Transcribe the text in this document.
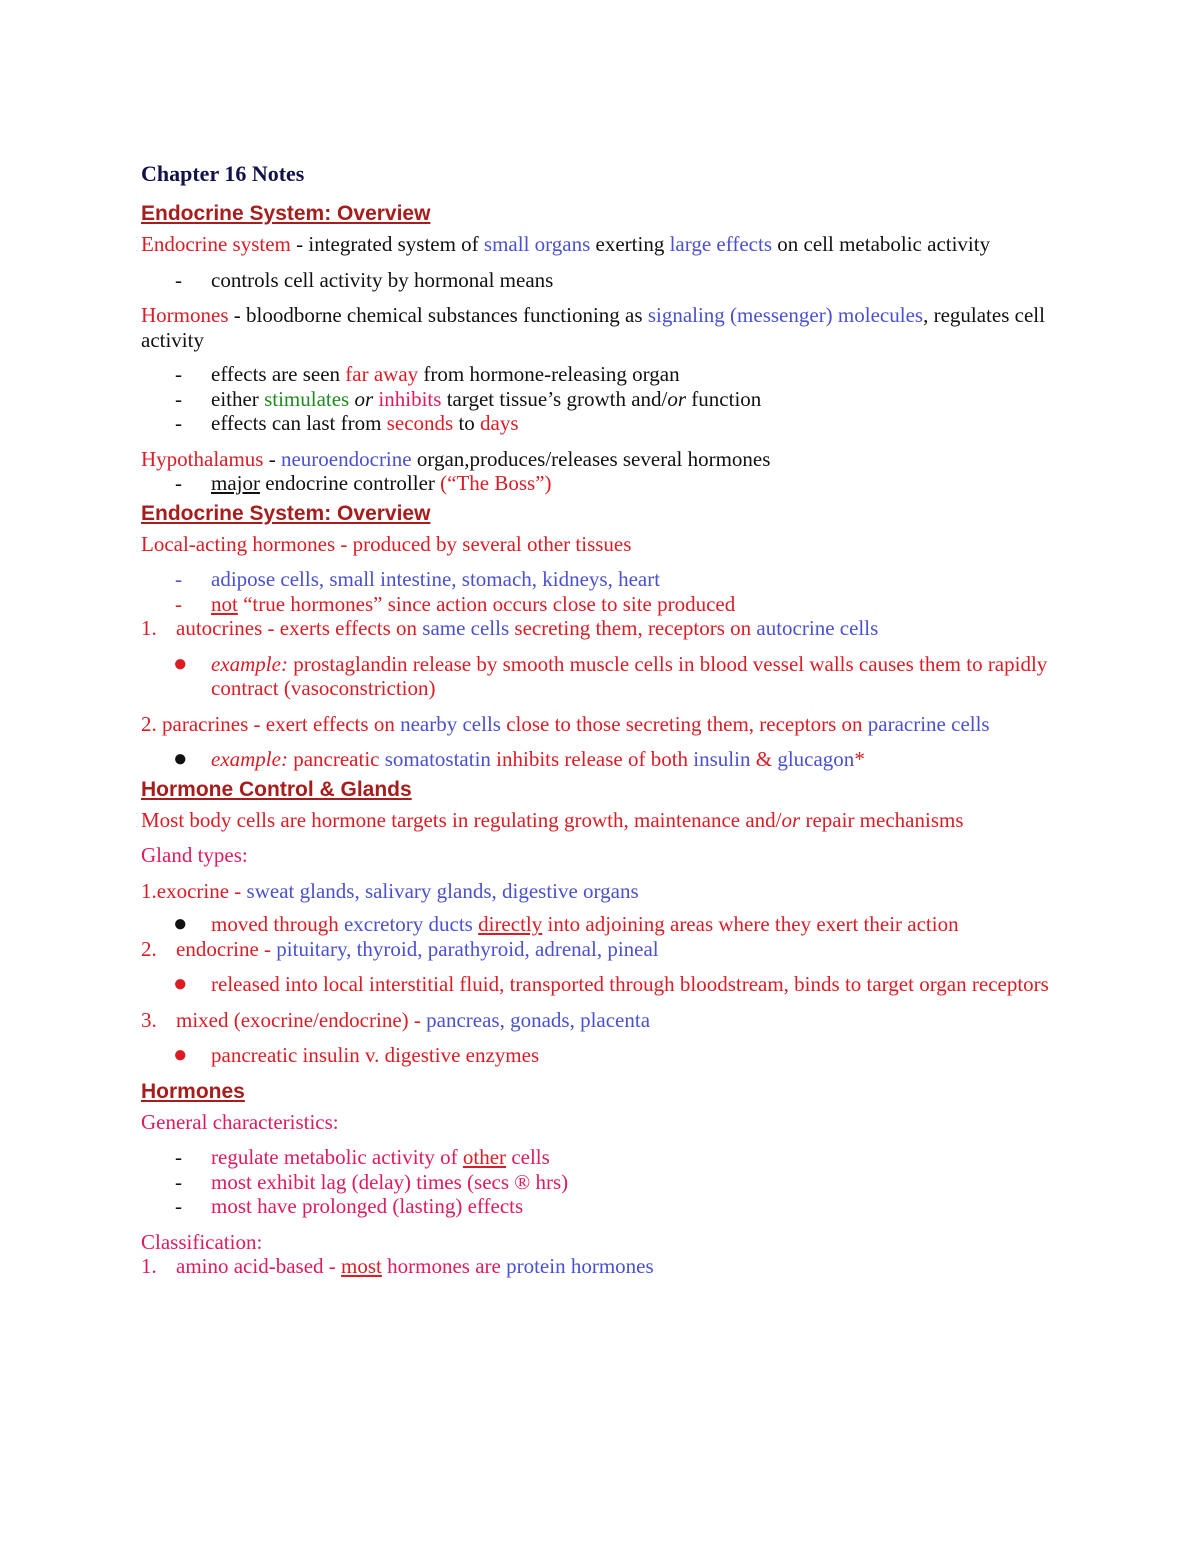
Chapter 16 Notes
Endocrine System: Overview
Endocrine system - integrated system of small organs exerting large effects on cell metabolic activity
- controls cell activity by hormonal means
Hormones - bloodborne chemical substances functioning as signaling (messenger) molecules, regulates cell activity
- effects are seen far away from hormone-releasing organ
- either stimulates or inhibits target tissue’s growth and/or function
- effects can last from seconds to days
Hypothalamus - neuroendocrine organ,produces/releases several hormones
- major endocrine controller (“The Boss”)
Endocrine System: Overview
Local-acting hormones - produced by several other tissues
- adipose cells, small intestine, stomach, kidneys, heart
- not “true hormones” since action occurs close to site produced
1. autocrines - exerts effects on same cells secreting them, receptors on autocrine cells
● example: prostaglandin release by smooth muscle cells in blood vessel walls causes them to rapidly contract (vasoconstriction)
2. paracrines - exert effects on nearby cells close to those secreting them, receptors on paracrine cells
● example: pancreatic somatostatin inhibits release of both insulin & glucagon*
Hormone Control & Glands
Most body cells are hormone targets in regulating growth, maintenance and/or repair mechanisms
Gland types:
1.exocrine - sweat glands, salivary glands, digestive organs
● moved through excretory ducts directly into adjoining areas where they exert their action
2. endocrine - pituitary, thyroid, parathyroid, adrenal, pineal
● released into local interstitial fluid, transported through bloodstream, binds to target organ receptors
3. mixed (exocrine/endocrine) - pancreas, gonads, placenta
● pancreatic insulin v. digestive enzymes
Hormones
General characteristics:
- regulate metabolic activity of other cells
- most exhibit lag (delay) times (secs ® hrs)
- most have prolonged (lasting) effects
Classification:
1. amino acid-based - most hormones are protein hormones
